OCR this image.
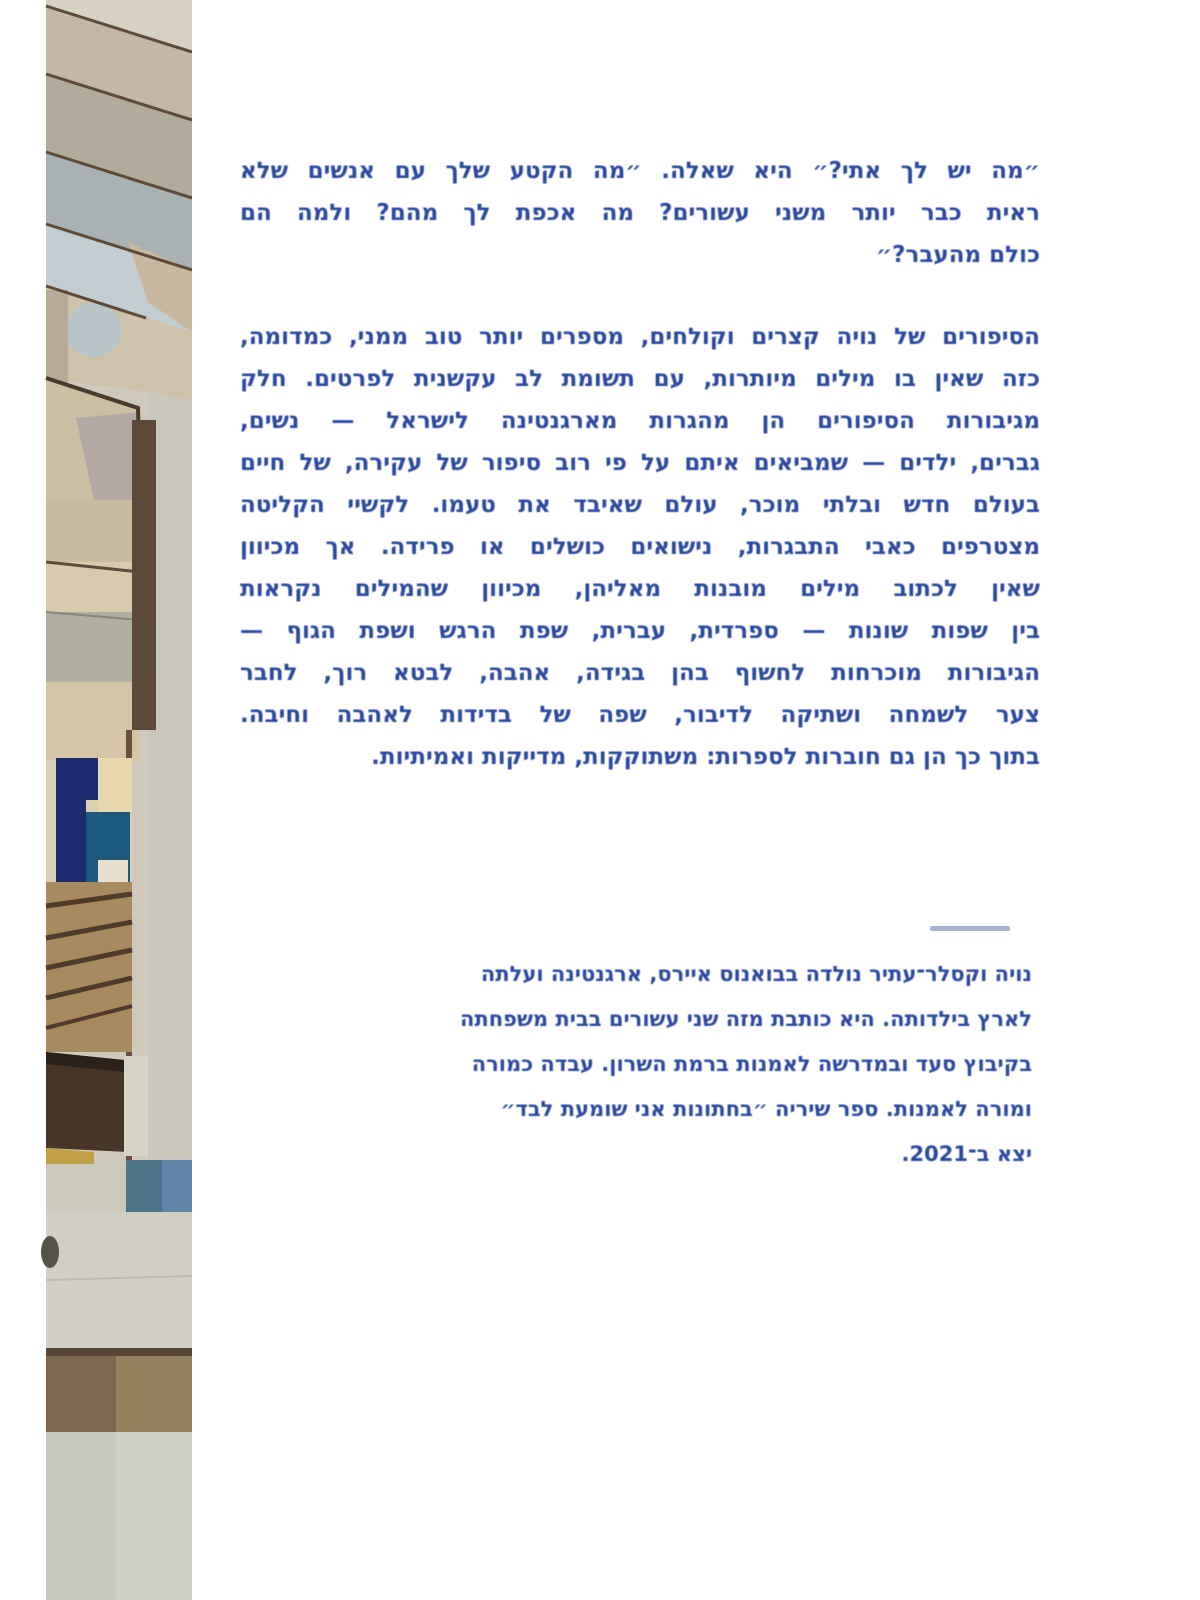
״מה יש לך אתי?״ היא שאלה. ״מה הקטע שלך עם אנשים שלא
ראית כבר יותר משני עשורים? מה אכפת לך מהם? ולמה הם
כולם מהעבר?״
הסיפורים של נויה קצרים וקולחים, מספרים יותר טוב ממני, כמדומה,
כזה שאין בו מילים מיותרות, עם תשומת לב עקשנית לפרטים. חלק
מגיבורות הסיפורים הן מהגרות מארגנטינה לישראל — נשים,
גברים, ילדים — שמביאים איתם על פי רוב סיפור של עקירה, של חיים
בעולם חדש ובלתי מוכר, עולם שאיבד את טעמו. לקשיי הקליטה
מצטרפים כאבי התבגרות, נישואים כושלים או פרידה. אך מכיוון
שאין לכתוב מילים מובנות מאליהן, מכיוון שהמילים נקראות
בין שפות שונות — ספרדית, עברית, שפת הרגש ושפת הגוף —
הגיבורות מוכרחות לחשוף בהן בגידה, אהבה, לבטא רוך, לחבר
צער לשמחה ושתיקה לדיבור, שפה של בדידות לאהבה וחיבה.
בתוך כך הן גם חוברות לספרות: משתוקקות, מדייקות ואמיתיות.
נויה וקסלר־עתיר נולדה בבואנוס איירס, ארגנטינה ועלתה
לארץ בילדותה. היא כותבת מזה שני עשורים בבית משפחתה
בקיבוץ סעד ובמדרשה לאמנות ברמת השרון. עבדה כמורה
ומורה לאמנות. ספר שיריה ״בחתונות אני שומעת לבד״
יצא ב־2021.
